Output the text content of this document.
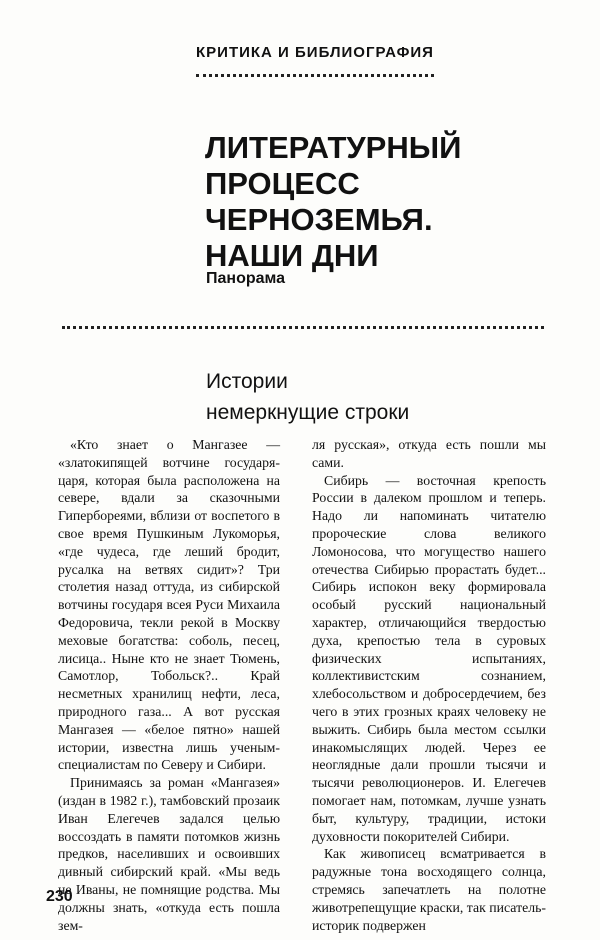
КРИТИКА И БИБЛИОГРАФИЯ
ЛИТЕРАТУРНЫЙ
ПРОЦЕСС
ЧЕРНОЗЕМЬЯ.
НАШИ ДНИ
Панорама
Истории
немеркнущие строки

«Кто знает о Мангазее — «златокипящей вотчине государя-царя, которая была расположена на севере, вдали за сказочными Гипербореями, вблизи от воспетого в свое время Пушкиным Лукоморья, «где чудеса, где леший бродит, русалка на ветвях сидит»? Три столетия назад оттуда, из сибирской вотчины государя всея Руси Михаила Федоровича, текли рекой в Москву меховые богатства: соболь, песец, лисица.. Ныне кто не знает Тюмень, Самотлор, Тобольск?.. Край несметных хранилищ нефти, леса, природного газа... А вот русская Мангазея — «белое пятно» нашей истории, известна лишь ученым-специалистам по Северу и Сибири.

Принимаясь за роман «Мангазея» (издан в 1982 г.), тамбовский прозаик Иван Елегечев задался целью воссоздать в памяти потомков жизнь предков, населивших и освоивших дивный сибирский край. «Мы ведь не Иваны, не помнящие родства. Мы должны знать, «откуда есть пошла зем-

ля русская», откуда есть пошли мы сами.

Сибирь — восточная крепость России в далеком прошлом и теперь. Надо ли напоминать читателю пророческие слова великого Ломоносова, что могущество нашего отечества Сибирью прорастать будет... Сибирь испокон веку формировала особый русский национальный характер, отличающийся твердостью духа, крепостью тела в суровых физических испытаниях, коллективистским сознанием, хлебосольством и добросердечием, без чего в этих грозных краях человеку не выжить. Сибирь была местом ссылки инакомыслящих людей. Через ее неоглядные дали прошли тысячи и тысячи революционеров. И. Елегечев помогает нам, потомкам, лучше узнать быт, культуру, традиции, истоки духовности покорителей Сибири.

Как живописец всматривается в радужные тона восходящего солнца, стремясь запечатлеть на полотне животрепещущие краски, так писатель-историк подвержен

230
